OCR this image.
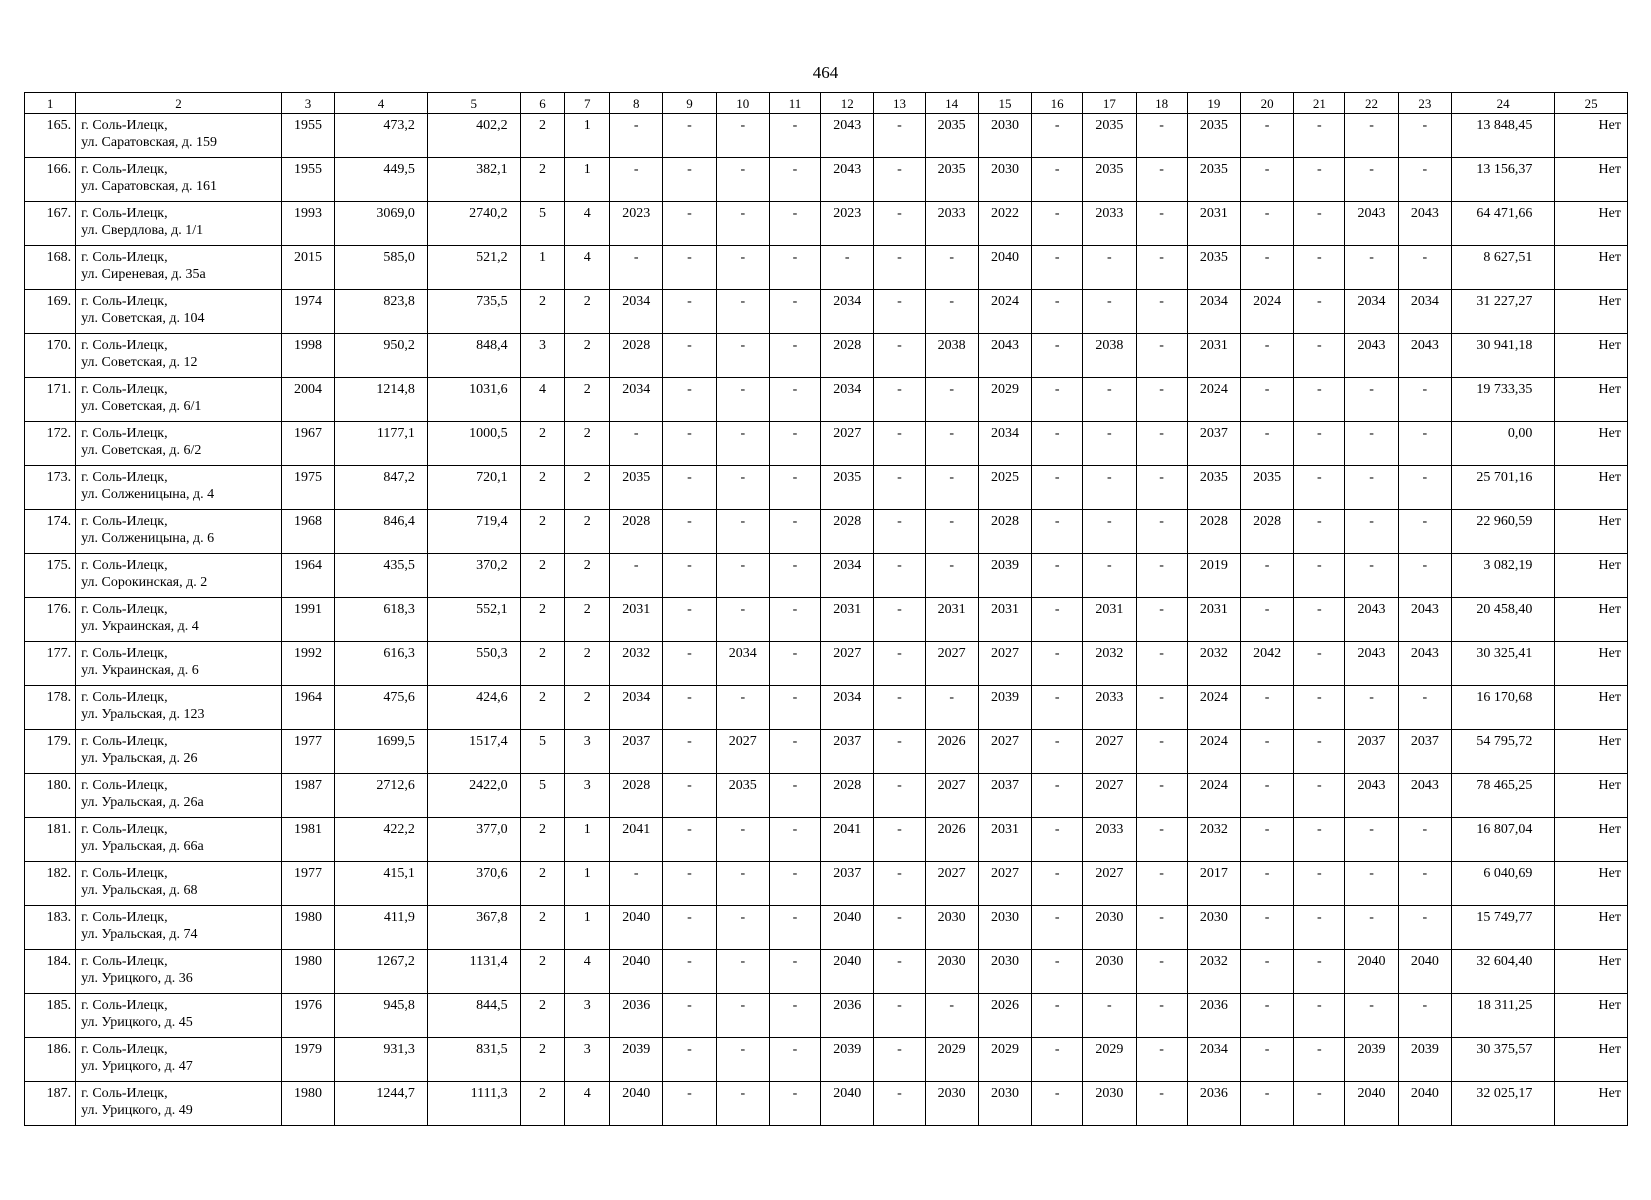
464
1	2	3	4	5	6	7	8	9	10	11	12	13	14	15	16	17	18	19	20	21	22	23	24	25
165.	г. Соль-Илецк,
ул. Саратовская, д. 159	1955	473,2	402,2	2	1	-	-	-	-	2043	-	2035	2030	-	2035	-	2035	-	-	-	-	13 848,45	Нет
166.	г. Соль-Илецк,
ул. Саратовская, д. 161	1955	449,5	382,1	2	1	-	-	-	-	2043	-	2035	2030	-	2035	-	2035	-	-	-	-	13 156,37	Нет
167.	г. Соль-Илецк,
ул. Свердлова, д. 1/1	1993	3069,0	2740,2	5	4	2023	-	-	-	2023	-	2033	2022	-	2033	-	2031	-	-	2043	2043	64 471,66	Нет
168.	г. Соль-Илецк,
ул. Сиреневая, д. 35а	2015	585,0	521,2	1	4	-	-	-	-	-	-	-	2040	-	-	-	2035	-	-	-	-	8 627,51	Нет
169.	г. Соль-Илецк,
ул. Советская, д. 104	1974	823,8	735,5	2	2	2034	-	-	-	2034	-	-	2024	-	-	-	2034	2024	-	2034	2034	31 227,27	Нет
170.	г. Соль-Илецк,
ул. Советская, д. 12	1998	950,2	848,4	3	2	2028	-	-	-	2028	-	2038	2043	-	2038	-	2031	-	-	2043	2043	30 941,18	Нет
171.	г. Соль-Илецк,
ул. Советская, д. 6/1	2004	1214,8	1031,6	4	2	2034	-	-	-	2034	-	-	2029	-	-	-	2024	-	-	-	-	19 733,35	Нет
172.	г. Соль-Илецк,
ул. Советская, д. 6/2	1967	1177,1	1000,5	2	2	-	-	-	-	2027	-	-	2034	-	-	-	2037	-	-	-	-	0,00	Нет
173.	г. Соль-Илецк,
ул. Солженицына, д. 4	1975	847,2	720,1	2	2	2035	-	-	-	2035	-	-	2025	-	-	-	2035	2035	-	-	-	25 701,16	Нет
174.	г. Соль-Илецк,
ул. Солженицына, д. 6	1968	846,4	719,4	2	2	2028	-	-	-	2028	-	-	2028	-	-	-	2028	2028	-	-	-	22 960,59	Нет
175.	г. Соль-Илецк,
ул. Сорокинская, д. 2	1964	435,5	370,2	2	2	-	-	-	-	2034	-	-	2039	-	-	-	2019	-	-	-	-	3 082,19	Нет
176.	г. Соль-Илецк,
ул. Украинская, д. 4	1991	618,3	552,1	2	2	2031	-	-	-	2031	-	2031	2031	-	2031	-	2031	-	-	2043	2043	20 458,40	Нет
177.	г. Соль-Илецк,
ул. Украинская, д. 6	1992	616,3	550,3	2	2	2032	-	2034	-	2027	-	2027	2027	-	2032	-	2032	2042	-	2043	2043	30 325,41	Нет
178.	г. Соль-Илецк,
ул. Уральская, д. 123	1964	475,6	424,6	2	2	2034	-	-	-	2034	-	-	2039	-	2033	-	2024	-	-	-	-	16 170,68	Нет
179.	г. Соль-Илецк,
ул. Уральская, д. 26	1977	1699,5	1517,4	5	3	2037	-	2027	-	2037	-	2026	2027	-	2027	-	2024	-	-	2037	2037	54 795,72	Нет
180.	г. Соль-Илецк,
ул. Уральская, д. 26а	1987	2712,6	2422,0	5	3	2028	-	2035	-	2028	-	2027	2037	-	2027	-	2024	-	-	2043	2043	78 465,25	Нет
181.	г. Соль-Илецк,
ул. Уральская, д. 66а	1981	422,2	377,0	2	1	2041	-	-	-	2041	-	2026	2031	-	2033	-	2032	-	-	-	-	16 807,04	Нет
182.	г. Соль-Илецк,
ул. Уральская, д. 68	1977	415,1	370,6	2	1	-	-	-	-	2037	-	2027	2027	-	2027	-	2017	-	-	-	-	6 040,69	Нет
183.	г. Соль-Илецк,
ул. Уральская, д. 74	1980	411,9	367,8	2	1	2040	-	-	-	2040	-	2030	2030	-	2030	-	2030	-	-	-	-	15 749,77	Нет
184.	г. Соль-Илецк,
ул. Урицкого, д. 36	1980	1267,2	1131,4	2	4	2040	-	-	-	2040	-	2030	2030	-	2030	-	2032	-	-	2040	2040	32 604,40	Нет
185.	г. Соль-Илецк,
ул. Урицкого, д. 45	1976	945,8	844,5	2	3	2036	-	-	-	2036	-	-	2026	-	-	-	2036	-	-	-	-	18 311,25	Нет
186.	г. Соль-Илецк,
ул. Урицкого, д. 47	1979	931,3	831,5	2	3	2039	-	-	-	2039	-	2029	2029	-	2029	-	2034	-	-	2039	2039	30 375,57	Нет
187.	г. Соль-Илецк,
ул. Урицкого, д. 49	1980	1244,7	1111,3	2	4	2040	-	-	-	2040	-	2030	2030	-	2030	-	2036	-	-	2040	2040	32 025,17	Нет
